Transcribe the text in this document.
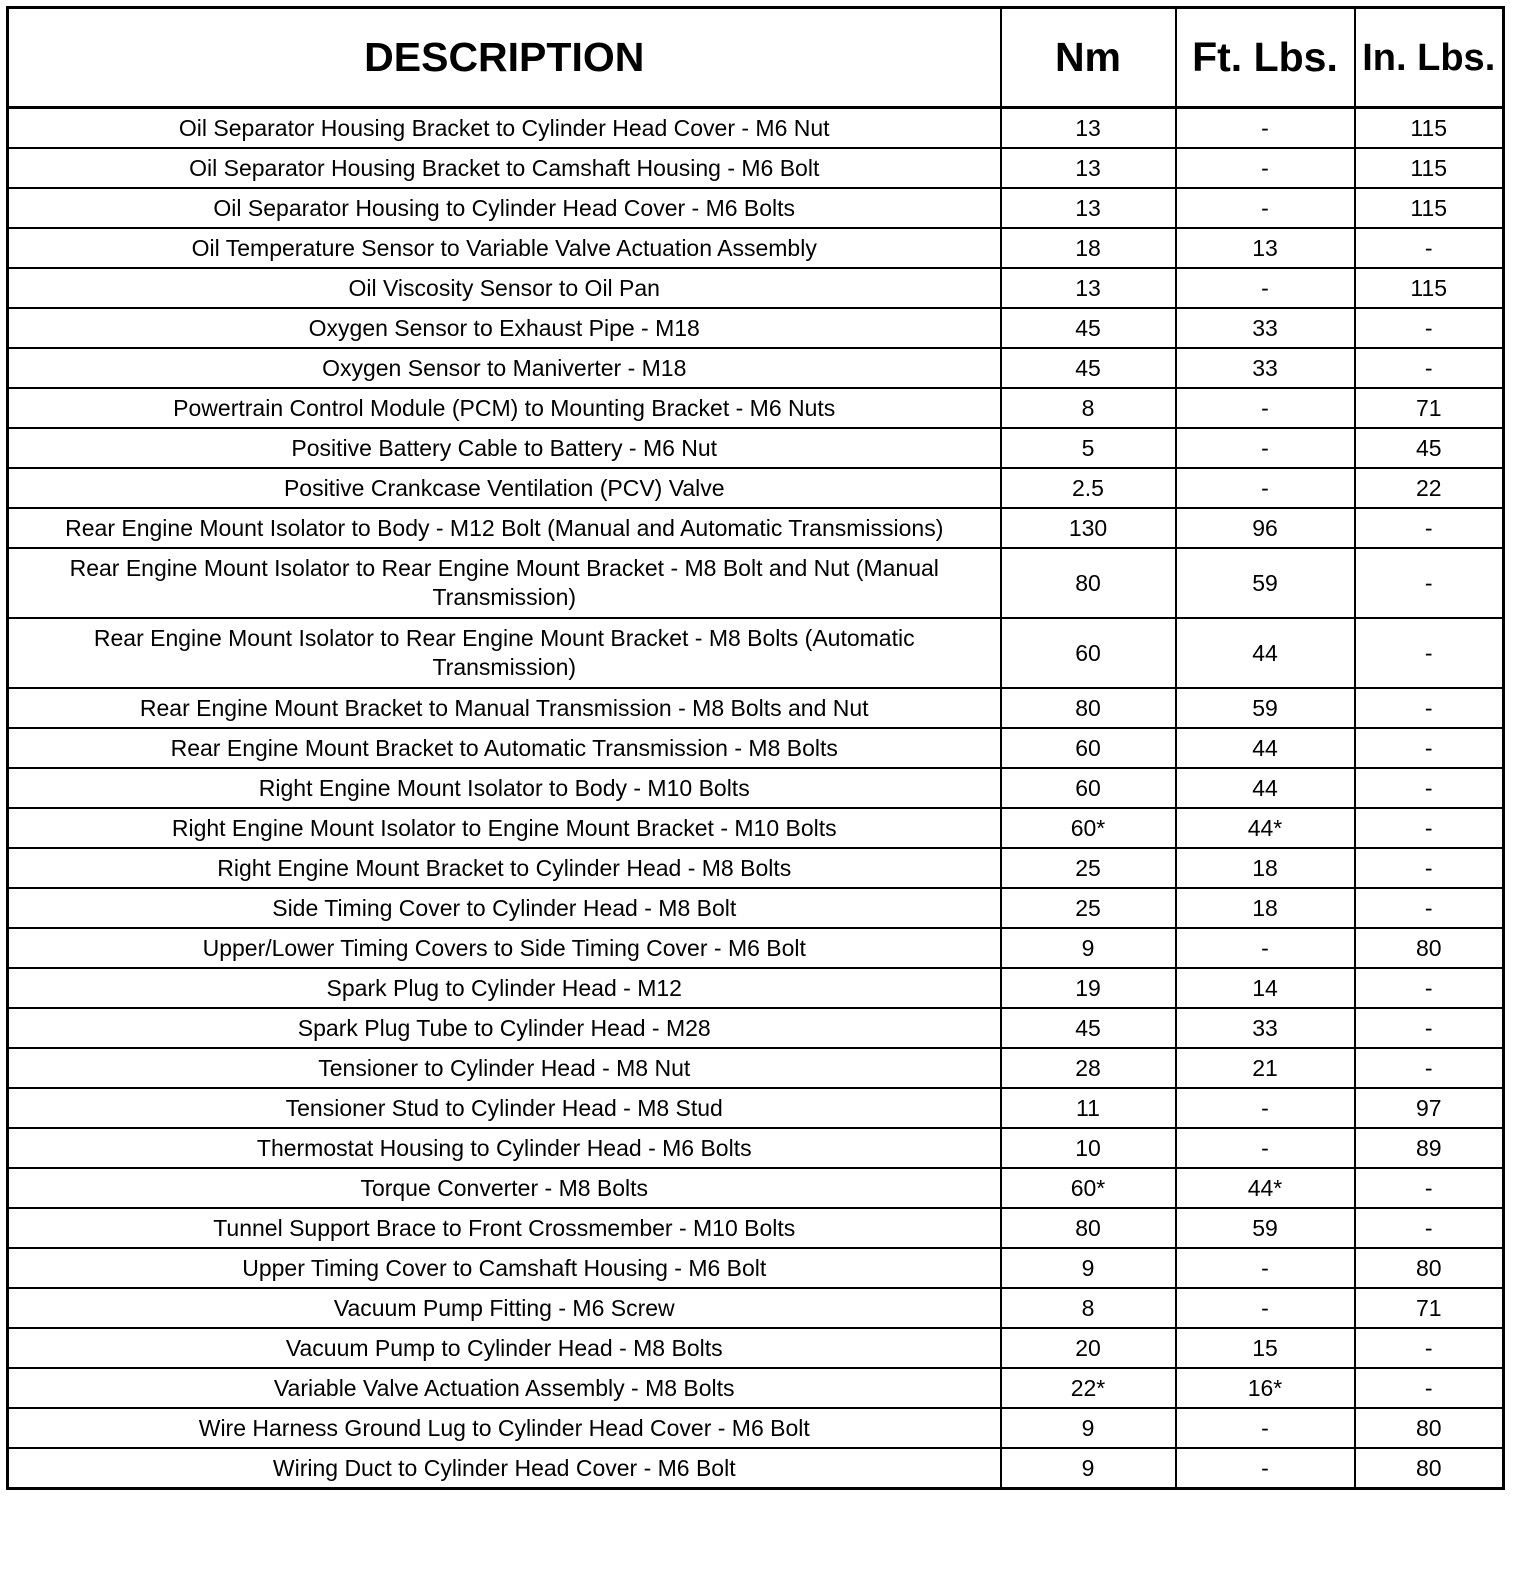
DESCRIPTION	Nm	Ft. Lbs.	In. Lbs.
Oil Separator Housing Bracket to Cylinder Head Cover - M6 Nut	13	-	115
Oil Separator Housing Bracket to Camshaft Housing - M6 Bolt	13	-	115
Oil Separator Housing to Cylinder Head Cover - M6 Bolts	13	-	115
Oil Temperature Sensor to Variable Valve Actuation Assembly	18	13	-
Oil Viscosity Sensor to Oil Pan	13	-	115
Oxygen Sensor to Exhaust Pipe - M18	45	33	-
Oxygen Sensor to Maniverter - M18	45	33	-
Powertrain Control Module (PCM) to Mounting Bracket - M6 Nuts	8	-	71
Positive Battery Cable to Battery - M6 Nut	5	-	45
Positive Crankcase Ventilation (PCV) Valve	2.5	-	22
Rear Engine Mount Isolator to Body - M12 Bolt (Manual and Automatic Transmissions)	130	96	-
Rear Engine Mount Isolator to Rear Engine Mount Bracket - M8 Bolt and Nut (Manual Transmission)	80	59	-
Rear Engine Mount Isolator to Rear Engine Mount Bracket - M8 Bolts (Automatic Transmission)	60	44	-
Rear Engine Mount Bracket to Manual Transmission - M8 Bolts and Nut	80	59	-
Rear Engine Mount Bracket to Automatic Transmission - M8 Bolts	60	44	-
Right Engine Mount Isolator to Body - M10 Bolts	60	44	-
Right Engine Mount Isolator to Engine Mount Bracket - M10 Bolts	60*	44*	-
Right Engine Mount Bracket to Cylinder Head - M8 Bolts	25	18	-
Side Timing Cover to Cylinder Head - M8 Bolt	25	18	-
Upper/Lower Timing Covers to Side Timing Cover - M6 Bolt	9	-	80
Spark Plug to Cylinder Head - M12	19	14	-
Spark Plug Tube to Cylinder Head - M28	45	33	-
Tensioner to Cylinder Head - M8 Nut	28	21	-
Tensioner Stud to Cylinder Head - M8 Stud	11	-	97
Thermostat Housing to Cylinder Head - M6 Bolts	10	-	89
Torque Converter - M8 Bolts	60*	44*	-
Tunnel Support Brace to Front Crossmember - M10 Bolts	80	59	-
Upper Timing Cover to Camshaft Housing - M6 Bolt	9	-	80
Vacuum Pump Fitting - M6 Screw	8	-	71
Vacuum Pump to Cylinder Head - M8 Bolts	20	15	-
Variable Valve Actuation Assembly - M8 Bolts	22*	16*	-
Wire Harness Ground Lug to Cylinder Head Cover - M6 Bolt	9	-	80
Wiring Duct to Cylinder Head Cover - M6 Bolt	9	-	80
